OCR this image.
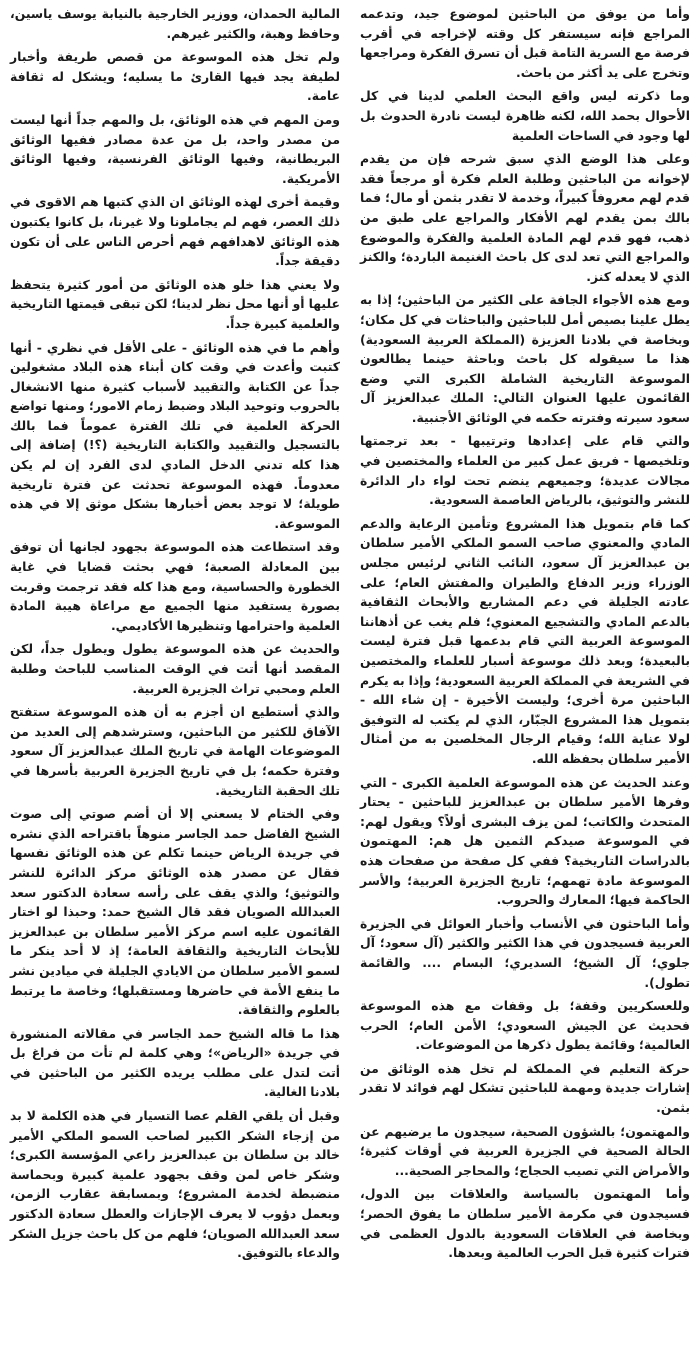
وأما من يوفق من الباحثين لموضوع جيد، وتدعمه المراجع فإنه سيستفر كل وقته لإخراجه في أقرب فرصة مع السرية التامة قبل أن تسرق الفكرة ومراجعها وتخرج على يد أكثر من باحث.

وما ذكرته ليس واقع البحث العلمي لدينا في كل الأحوال بحمد الله، لكنه ظاهرة ليست نادرة الحدوث بل لها وجود في الساحات العلمية

وعلى هذا الوضع الذي سبق شرحه فإن من يقدم لإخوانه من الباحثين وطلبة العلم فكرة أو مرجعاً فقد قدم لهم معروفاً كبيراً، وخدمة لا تقدر بثمن أو مال؛ فما بالك بمن يقدم لهم الأفكار والمراجع على طبق من ذهب، فهو قدم لهم المادة العلمية والفكرة والموضوع والمراجع التي تعد لدى كل باحث الغنيمة الباردة؛ والكنز الذي لا يعدله كنز.

ومع هذه الأجواء الجافة على الكثير من الباحثين؛ إذا به يطل علينا بصيص أمل للباحثين والباحثات في كل مكان؛ وبخاصة في بلادنا العزيزة (المملكة العربية السعودية) هذا ما سيقوله كل باحث وباحثة حينما يطالعون الموسوعة التاريخية الشاملة الكبرى التي وضع القائمون عليها العنوان التالي: الملك عبدالعزيز آل سعود سيرته وفترته حكمه في الوثائق الأجنبية.

والتي قام على إعدادها وترتيبها - بعد ترجمتها وتلخيصها - فريق عمل كبير من العلماء والمختصين في مجالات عديدة؛ وجميعهم ينضم تحت لواء دار الدائرة للنشر والتوثيق، بالرياض العاصمة السعودية.

كما قام بتمويل هذا المشروع وتأمين الرعاية والدعم المادي والمعنوي صاحب السمو الملكي الأمير سلطان بن عبدالعزيز آل سعود، النائب الثاني لرئيس مجلس الوزراء وزير الدفاع والطيران والمفتش العام؛ على عادته الجليلة في دعم المشاريع والأبحاث الثقافية بالدعم المادي والتشجيع المعنوي؛ فلم يغب عن أذهاننا الموسوعة العربية التي قام بدعمها قبل فترة ليست بالبعيدة؛ وبعد ذلك موسوعة أسبار للعلماء والمختصين في الشريعة في المملكة العربية السعودية؛ وإذا به يكرم الباحثين مرة أخرى؛ وليست الأخيرة - إن شاء الله - بتمويل هذا المشروع الجبّار، الذي لم يكتب له التوفيق لولا عناية الله؛ وقيام الرجال المخلصين به من أمثال الأمير سلطان بحفظه الله.

وعند الحديث عن هذه الموسوعة العلمية الكبرى - التي وفرها الأمير سلطان بن عبدالعزيز للباحثين - يحتار المتحدث والكاتب؛ لمن يزف البشرى أولاً؟ ويقول لهم: في الموسوعة صيدكم الثمين هل هم: المهتمون بالدراسات التاريخية؟ ففي كل صفحة من صفحات هذه الموسوعة مادة تهمهم؛ تاريخ الجزيرة العربية؛ والأسر الحاكمة فيها؛ المعارك والحروب.

وأما الباحثون في الأنساب وأخبار العوائل في الجزيرة العربية فسيجدون في هذا الكثير والكثير (آل سعود؛ آل جلوي؛ آل الشيخ؛ السديري؛ البسام .... والقائمة تطول).

وللعسكريين وقفة؛ بل وقفات مع هذه الموسوعة فحديث عن الجيش السعودي؛ الأمن العام؛ الحرب العالمية؛ وقائمة يطول ذكرها من الموضوعات.

حركة التعليم في المملكة لم تخل هذه الوثائق من إشارات جديدة ومهمة للباحثين تشكل لهم فوائد لا تقدر بثمن.

والمهتمون؛ بالشؤون الصحية، سيجدون ما يرضيهم عن الحالة الصحية في الجزيرة العربية في أوقات كثيرة؛ والأمراض التي تصيب الحجاج؛ والمحاجر الصحية...

وأما المهتمون بالسياسة والعلاقات بين الدول، فسيجدون في مكرمة الأمير سلطان ما يفوق الحصر؛ وبخاصة في العلاقات السعودية بالدول العظمى في فترات كثيرة قبل الحرب العالمية وبعدها.

المالية الحمدان، ووزير الخارجية بالنيابة يوسف ياسين، وحافظ وهبة، والكثير غيرهم.

ولم تخل هذه الموسوعة من قصص طريفة وأخبار لطيفة يجد فيها القارئ ما يسليه؛ ويشكل له ثقافة عامة.

ومن المهم في هذه الوثائق، بل والمهم جداً أنها ليست من مصدر واحد، بل من عدة مصادر ففيها الوثائق البريطانية، وفيها الوثائق الفرنسية، وفيها الوثائق الأمريكية.

وقيمة أخرى لهذه الوثائق ان الذي كتبها هم الاقوى في ذلك العصر، فهم لم يجاملونا ولا غيرنا، بل كانوا يكتبون هذه الوثائق لاهدافهم فهم أحرص الناس على أن تكون دقيقة جداً.

ولا يعني هذا خلو هذه الوثائق من أمور كثيرة يتحفظ عليها أو أنها محل نظر لدينا؛ لكن تبقى قيمتها التاريخية والعلمية كبيرة جداً.

وأهم ما في هذه الوثائق - على الأقل في نظري - أنها كتبت وأعدت في وقت كان أبناء هذه البلاد مشغولين جداً عن الكتابة والتقييد لأسباب كثيرة منها الانشغال بالحروب وتوحيد البلاد وضبط زمام الامور؛ ومنها تواضع الحركة العلمية في تلك الفترة عموماً فما بالك بالتسجيل والتقييد والكتابة التاريخية (؟!) إضافة إلى هذا كله تدني الدخل المادي لدى الفرد إن لم يكن معدوماً. فهذه الموسوعة تحدثت عن فترة تاريخية طويلة؛ لا توجد بعض أخبارها بشكل موثق إلا في هذه الموسوعة.

وقد استطاعت هذه الموسوعة بجهود لجانها أن توفق بين المعادلة الصعبة؛ فهي بحثت قضايا في غاية الخطورة والحساسية، ومع هذا كله فقد ترجمت وقربت بصورة يستفيد منها الجميع مع مراعاة هيبة المادة العلمية واحترامها وتنظيرها الأكاديمي.

والحديث عن هذه الموسوعة يطول ويطول جداً، لكن المقصد أنها أتت في الوقت المناسب للباحث وطلبة العلم ومحبي تراث الجزيرة العربية.

والذي أستطيع ان أجزم به أن هذه الموسوعة ستفتح الآفاق للكثير من الباحثين، وسترشدهم إلى العديد من الموضوعات الهامة في تاريخ الملك عبدالعزيز آل سعود وفترة حكمه؛ بل في تاريخ الجزيرة العربية بأسرها في تلك الحقبة التاريخية.

وفي الختام لا يسعني إلا أن أضم صوتي إلى صوت الشيخ الفاضل حمد الجاسر منوهاً باقتراحه الذي نشره في جريدة الرياض حينما تكلم عن هذه الوثائق نفسها فقال عن مصدر هذه الوثائق مركز الدائرة للنشر والتوثيق؛ والذي يقف على رأسه سعادة الدكتور سعد العبدالله الصويان فقد قال الشيخ حمد: وحبذا لو اختار القائمون عليه اسم مركز الأمير سلطان بن عبدالعزيز للأبحاث التاريخية والثقافة العامة؛ إذ لا أحد ينكر ما لسمو الأمير سلطان من الايادي الجليلة في ميادين نشر ما ينفع الأمة في حاضرها ومستقبلها؛ وخاصة ما يرتبط بالعلوم والثقافة.

هذا ما قاله الشيخ حمد الجاسر في مقالاته المنشورة في جريدة «الرياض»؛ وهي كلمة لم تأت من فراغ بل أتت لتدل على مطلب يريده الكثير من الباحثين في بلادنا الغالية.

وقبل أن يلقي القلم عصا التسيار في هذه الكلمة لا بد من إزجاء الشكر الكبير لصاحب السمو الملكي الأمير خالد بن سلطان بن عبدالعزيز راعي المؤسسة الكبرى؛ وشكر خاص لمن وقف بجهود علمية كبيرة وبحماسة منضبطة لخدمة المشروع؛ وبمسابقة عقارب الزمن، وبعمل دؤوب لا يعرف الإجازات والعطل سعادة الدكتور سعد العبدالله الصويان؛ فلهم من كل باحث جزيل الشكر والدعاء بالتوفيق.
